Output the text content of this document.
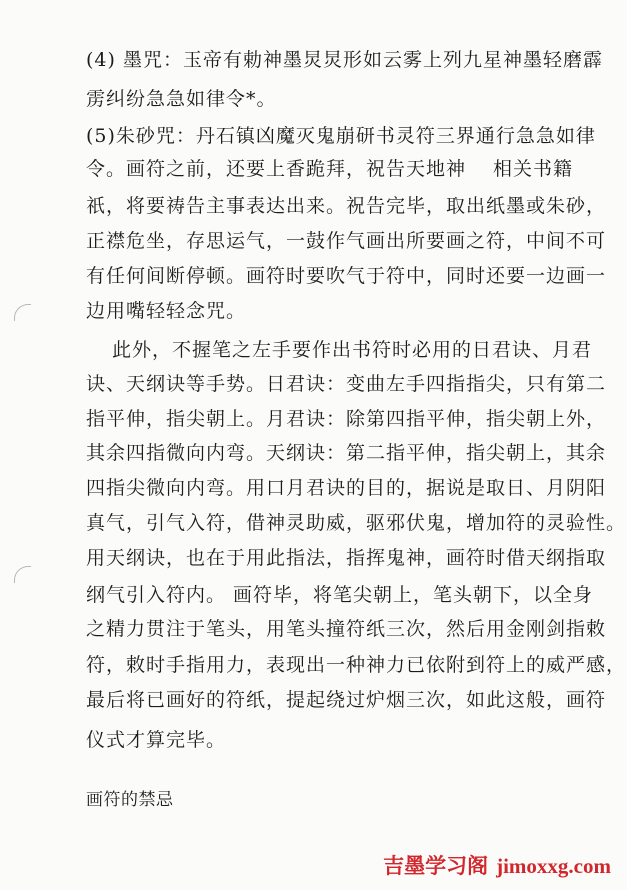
(4) 墨咒：玉帝有勅神墨炅炅形如云雾上列九星神墨轻磨霹
雳纠纷急急如律令*。
(5)朱砂咒：丹石镇凶魔灭鬼崩研书灵符三界通行急急如律
令。画符之前，还要上香跪拜，祝告天地神　 相关书籍
祇，将要祷告主事表达出来。祝告完毕，取出纸墨或朱砂，
正襟危坐，存思运气，一鼓作气画出所要画之符，中间不可
有任何间断停顿。画符时要吹气于符中，同时还要一边画一
边用嘴轻轻念咒。
此外，不握笔之左手要作出书符时必用的日君诀、月君
诀、天纲诀等手势。日君诀：变曲左手四指指尖，只有第二
指平伸，指尖朝上。月君诀：除第四指平伸，指尖朝上外，
其余四指微向内弯。天纲诀：第二指平伸，指尖朝上，其余
四指尖微向内弯。用口月君诀的目的，据说是取日、月阴阳
真气，引气入符，借神灵助威，驱邪伏鬼，增加符的灵验性。
用天纲诀，也在于用此指法，指挥鬼神，画符时借天纲指取
纲气引入符内。 画符毕，将笔尖朝上，笔头朝下，以全身
之精力贯注于笔头，用笔头撞符纸三次，然后用金刚剑指敕
符，敕时手指用力，表现出一种神力已依附到符上的威严感，
最后将已画好的符纸，提起绕过炉烟三次，如此这般，画符
仪式才算完毕。
画符的禁忌
吉墨学习阁 jimoxxg.com
